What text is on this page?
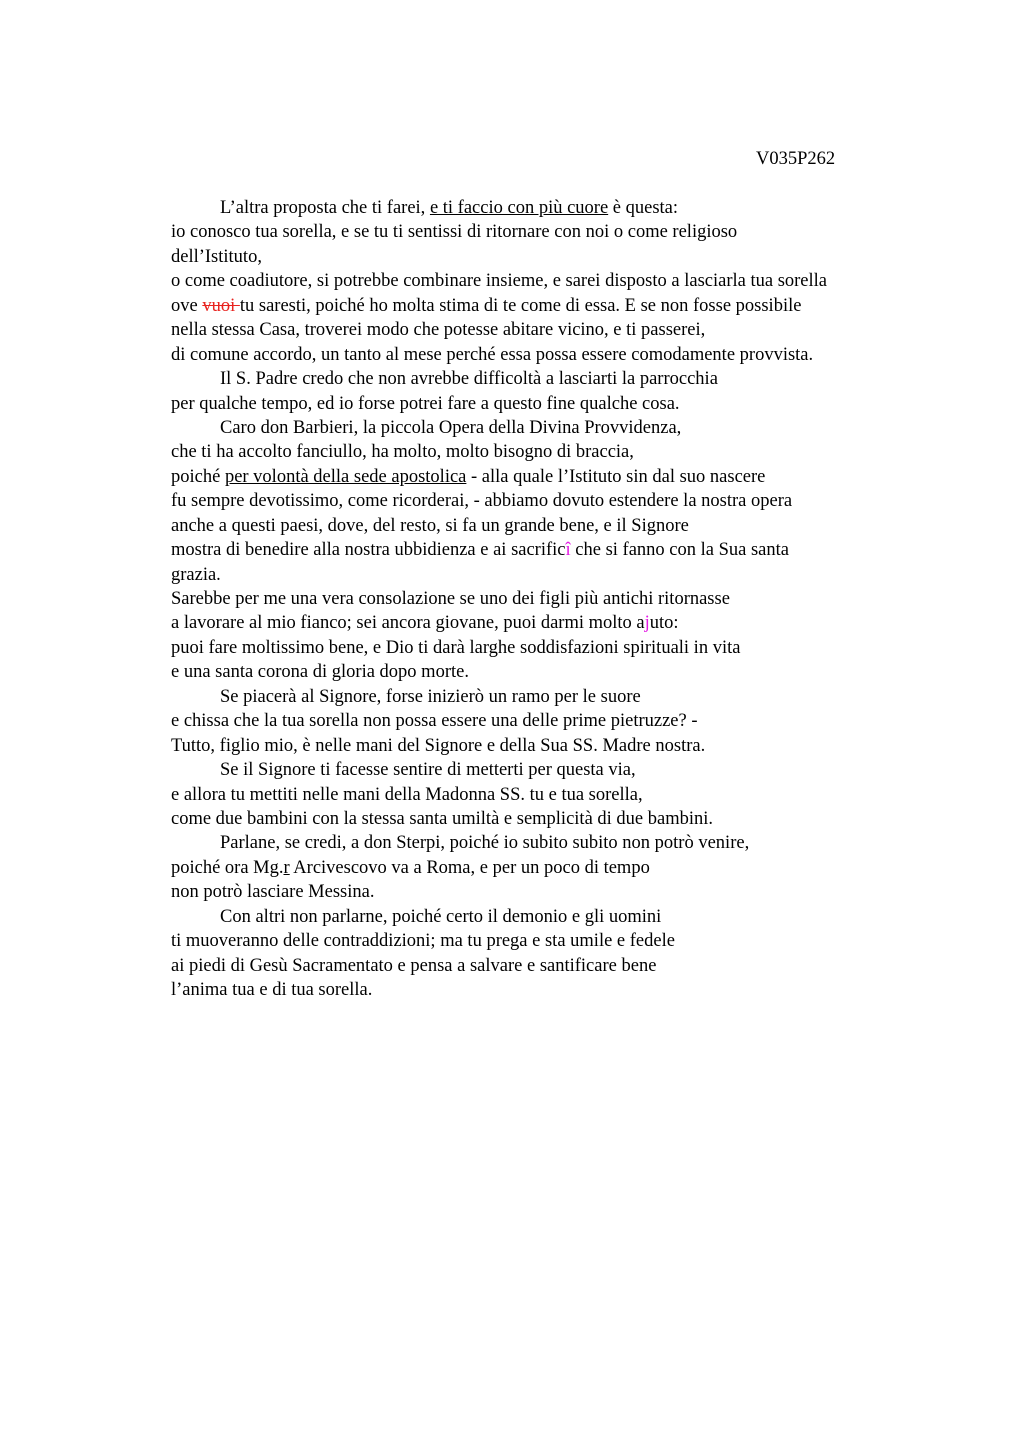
V035P262
L’altra proposta che ti farei, e ti faccio con più cuore è questa:
io conosco tua sorella, e se tu ti sentissi di ritornare con noi o come religioso
dell’Istituto,
o come coadiutore, si potrebbe combinare insieme, e sarei disposto a lasciarla tua sorella
ove vuoi tu saresti, poiché ho molta stima di te come di essa. E se non fosse possibile
nella stessa Casa, troverei modo che potesse abitare vicino, e ti passerei,
di comune accordo, un tanto al mese perché essa possa essere comodamente provvista.
Il S. Padre credo che non avrebbe difficoltà a lasciarti la parrocchia
per qualche tempo, ed io forse potrei fare a questo fine qualche cosa.
Caro don Barbieri, la piccola Opera della Divina Provvidenza,
che ti ha accolto fanciullo, ha molto, molto bisogno di braccia,
poiché per volontà della sede apostolica - alla quale l’Istituto sin dal suo nascere
fu sempre devotissimo, come ricorderai, - abbiamo dovuto estendere la nostra opera
anche a questi paesi, dove, del resto, si fa un grande bene, e il Signore
mostra di benedire alla nostra ubbidienza e ai sacrificî che si fanno con la Sua santa
grazia.
Sarebbe per me una vera consolazione se uno dei figli più antichi ritornasse
a lavorare al mio fianco; sei ancora giovane, puoi darmi molto ajuto:
puoi fare moltissimo bene, e Dio ti darà larghe soddisfazioni spirituali in vita
e una santa corona di gloria dopo morte.
Se piacerà al Signore, forse inizierò un ramo per le suore
e chissa che la tua sorella non possa essere una delle prime pietruzze? -
Tutto, figlio mio, è nelle mani del Signore e della Sua SS. Madre nostra.
Se il Signore ti facesse sentire di metterti per questa via,
e allora tu mettiti nelle mani della Madonna SS. tu e tua sorella,
come due bambini con la stessa santa umiltà e semplicità di due bambini.
Parlane, se credi, a don Sterpi, poiché io subito subito non potrò venire,
poiché ora Mg.r Arcivescovo va a Roma, e per un poco di tempo
non potrò lasciare Messina.
Con altri non parlarne, poiché certo il demonio e gli uomini
ti muoveranno delle contraddizioni; ma tu prega e sta umile e fedele
ai piedi di Gesù Sacramentato e pensa a salvare e santificare bene
l’anima tua e di tua sorella.
